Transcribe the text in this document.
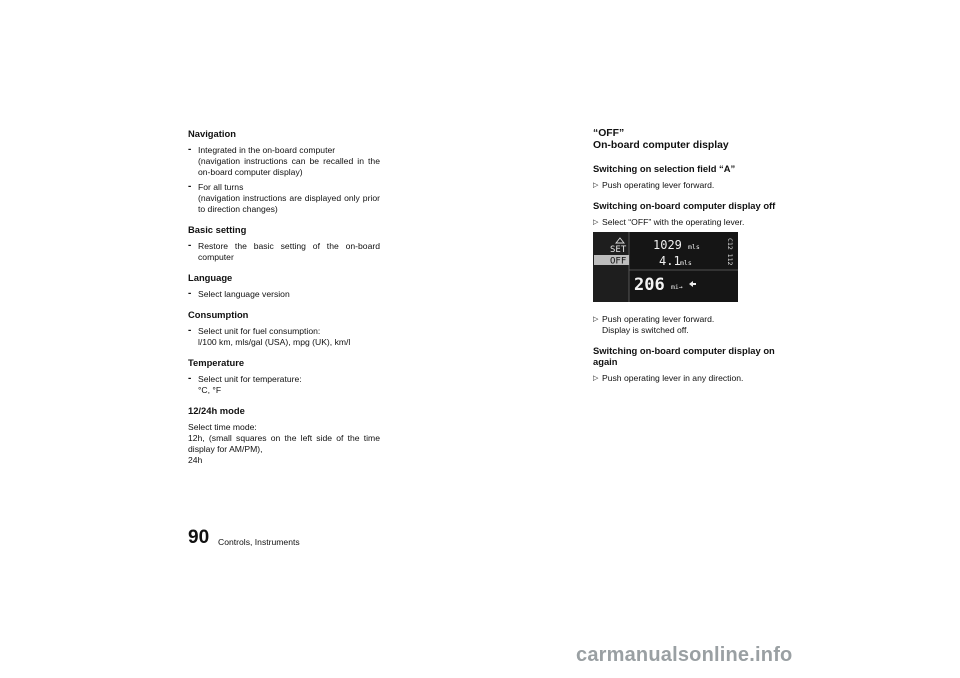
Navigation
- Integrated in the on-board computer
(navigation instructions can be recalled in the on-board computer display)
- For all turns
(navigation instructions are displayed only prior to direction changes)
Basic setting
- Restore the basic setting of the on-board computer
Language
- Select language version
Consumption
- Select unit for fuel consumption:
l/100 km, mls/gal (USA), mpg (UK), km/l
Temperature
- Select unit for temperature:
°C, °F
12/24h mode
Select time mode:
12h, (small squares on the left side of the time display for AM/PM),
24h
“OFF”
On-board computer display
Switching on selection field “A”
▷ Push operating lever forward.
Switching on-board computer display off
▷ Select “OFF” with the operating lever.
SET
OFF
1029 mls
4.1 mls
206 mi→
C12 112
▷ Push operating lever forward.
Display is switched off.
Switching on-board computer display on again
▷ Push operating lever in any direction.
90 Controls, Instruments
carmanualsonline.info
